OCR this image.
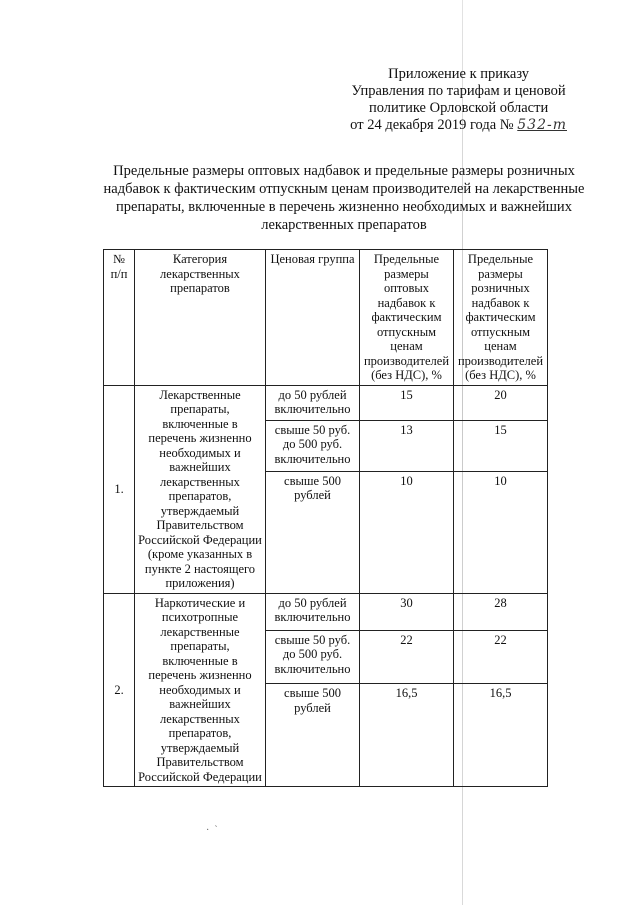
Приложение к приказу
Управления по тарифам и ценовой
политике Орловской области
от 24 декабря 2019 года № 532-т
Предельные размеры оптовых надбавок и предельные размеры розничных надбавок к фактическим отпускным ценам производителей на лекарственные препараты, включенные в перечень жизненно необходимых и важнейших лекарственных препаратов
№ п/п	Категория лекарственных препаратов	Ценовая группа	Предельные размеры оптовых надбавок к фактическим отпускным ценам производителей (без НДС), %	Предельные размеры розничных надбавок к фактическим отпускным ценам производителей (без НДС), %
1.	Лекарственные препараты, включенные в перечень жизненно необходимых и важнейших лекарственных препаратов, утверждаемый Правительством Российской Федерации (кроме указанных в пункте 2 настоящего приложения)	до 50 рублей включительно	15	20
		свыше 50 руб. до 500 руб. включительно	13	15
		свыше 500 рублей	10	10
2.	Наркотические и психотропные лекарственные препараты, включенные в перечень жизненно необходимых и важнейших лекарственных препаратов, утверждаемый Правительством Российской Федерации	до 50 рублей включительно	30	28
		свыше 50 руб. до 500 руб. включительно	22	22
		свыше 500 рублей	16,5	16,5
·  `
